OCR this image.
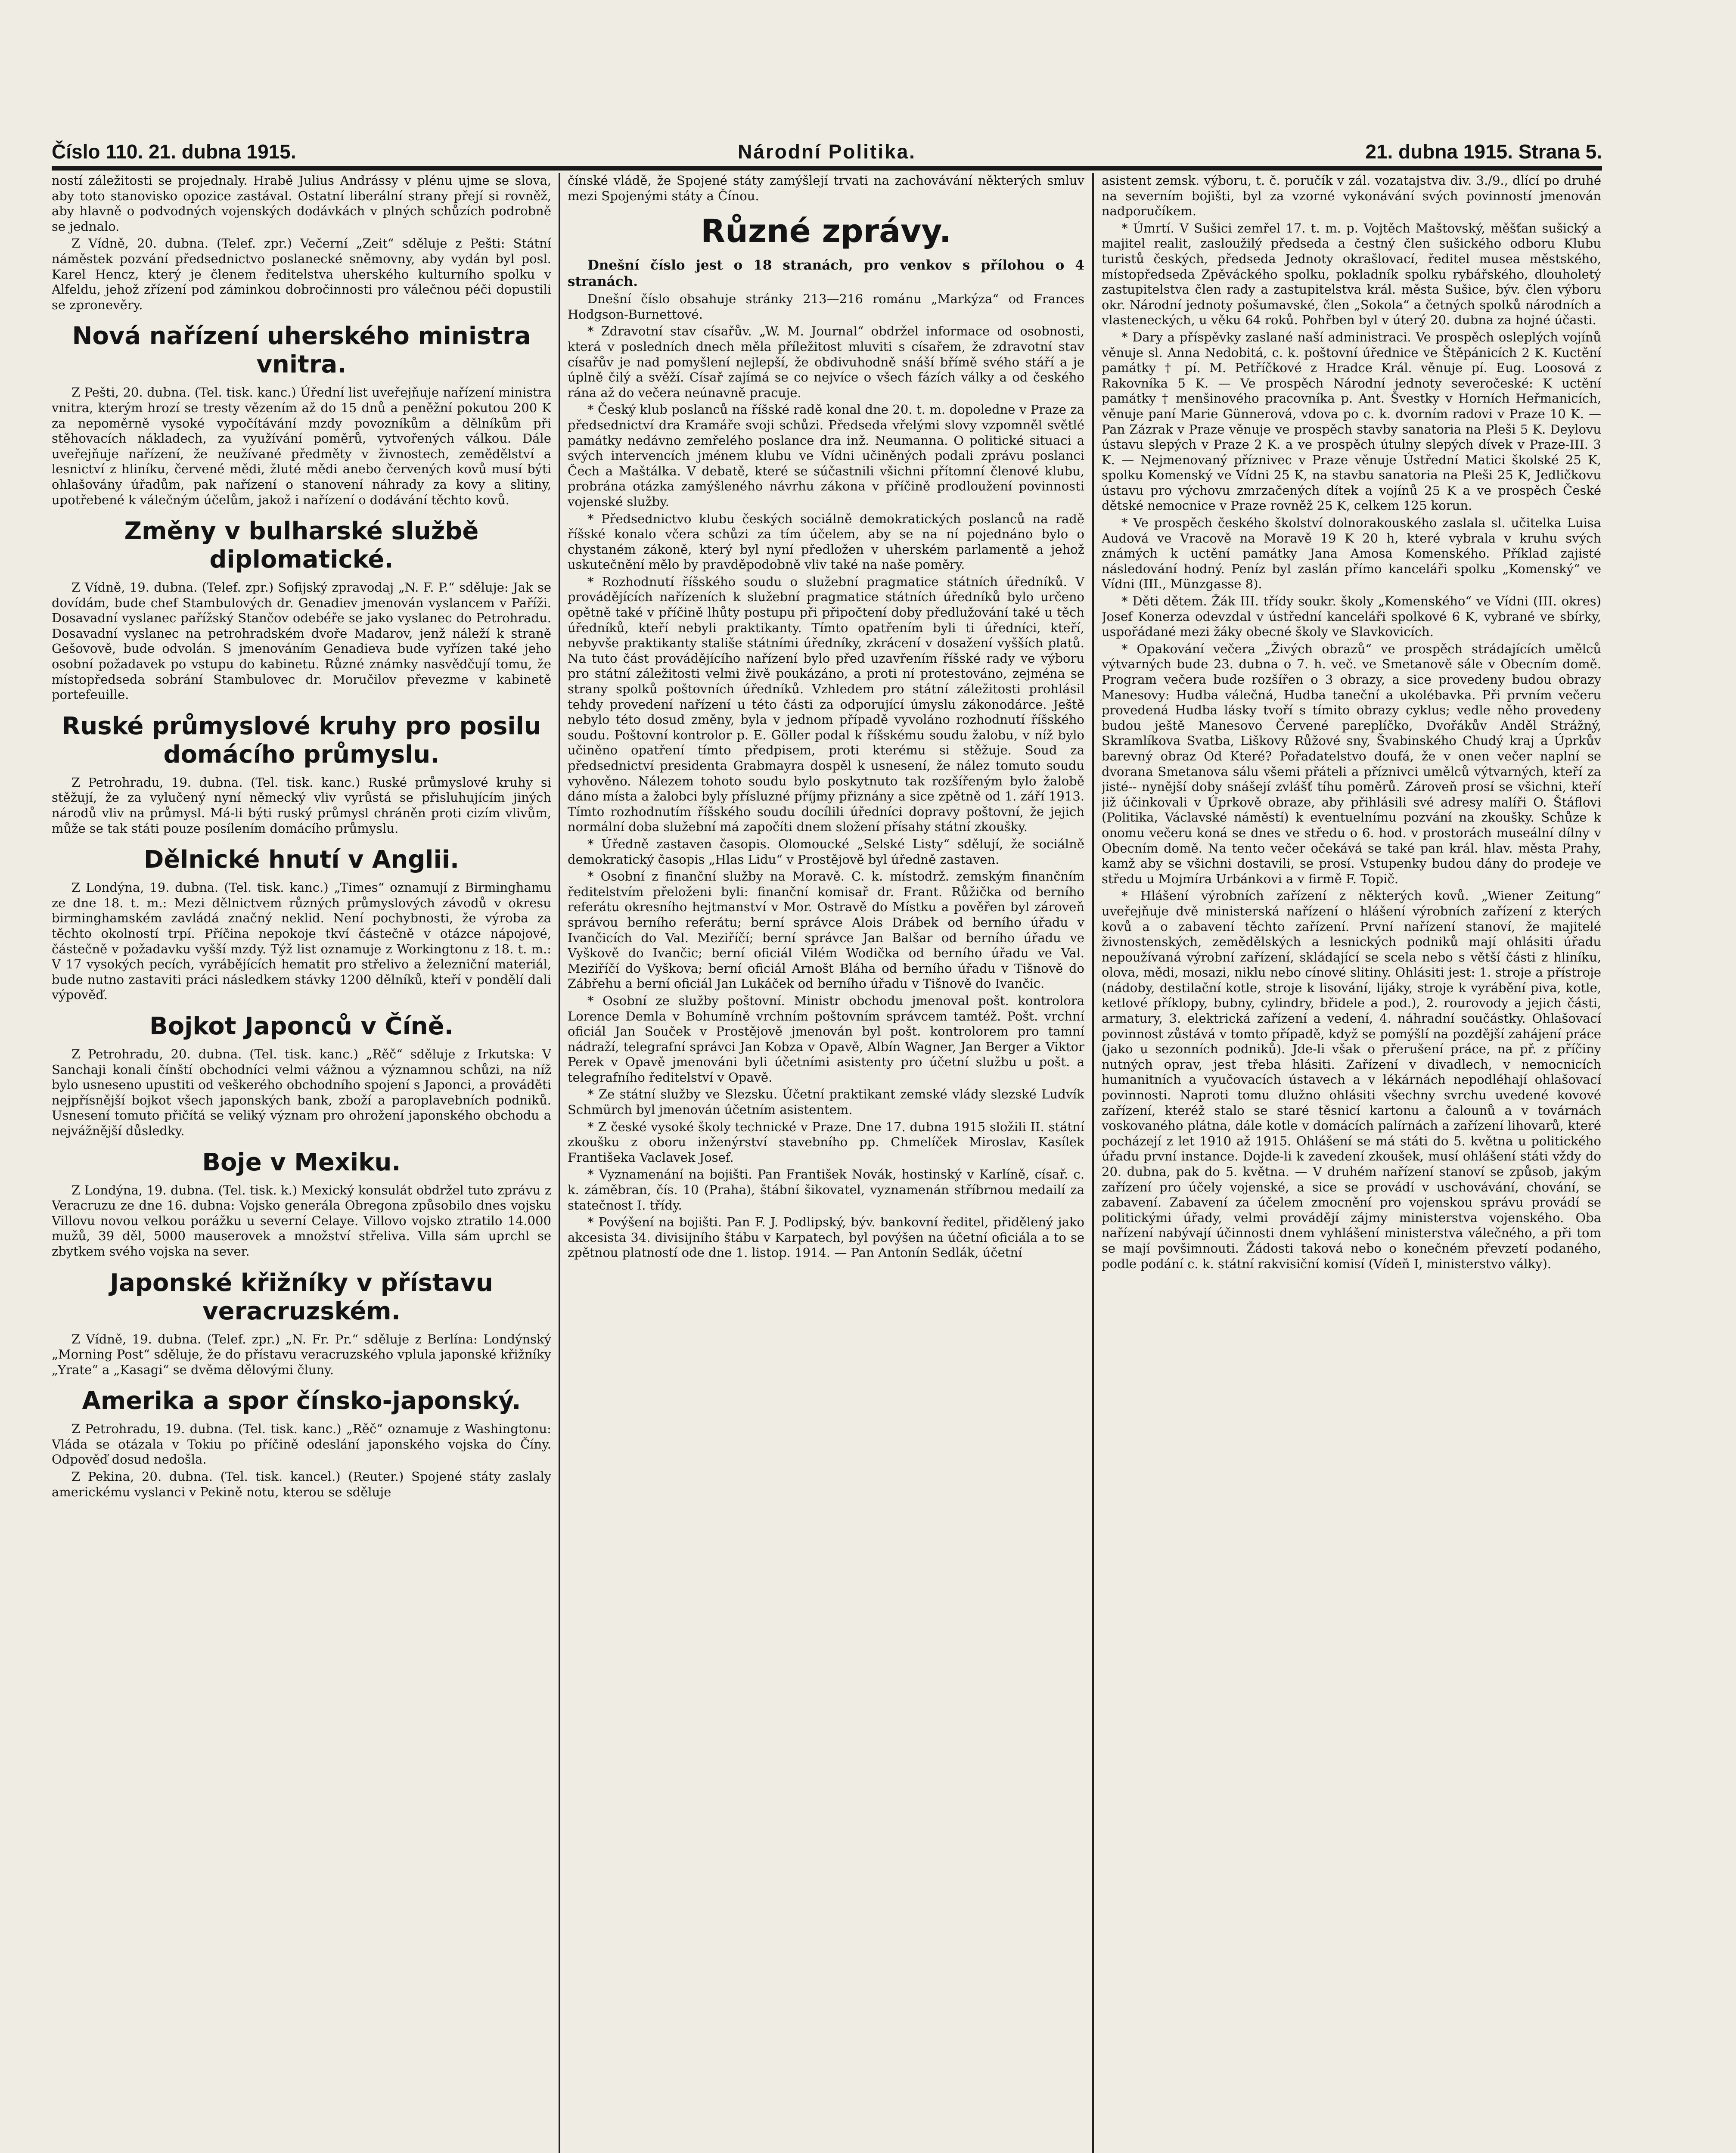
Číslo 110. 21. dubna 1915.	Národní Politika.	21. dubna 1915. Strana 5.

ností záležitosti se projednaly. Hrabě Julius Andrássy v plénu ujme se slova, aby toto stanovisko opozice zastával. Ostatní liberální strany přejí si rovněž, aby hlavně o podvodných vojenských dodávkách v plných schůzích podrobně se jednalo.

Z Vídně, 20. dubna. (Telef. zpr.) Večerní „Zeit“ sděluje z Pešti: Státní náměstek pozvání předsednictvo poslanecké sněmovny, aby vydán byl posl. Karel Hencz, který je členem ředitelstva uherského kulturního spolku v Alfeldu, jehož zřízení pod záminkou dobročinnosti pro válečnou péči dopustili se zpronevěry.

Nová nařízení uherského ministra vnitra.

Z Pešti, 20. dubna. (Tel. tisk. kanc.) Úřední list uveřejňuje nařízení ministra vnitra, kterým hrozí se tresty vězením až do 15 dnů a peněžní pokutou 200 K za nepoměrně vysoké vypočítávání mzdy povozníkům a dělníkům při stěhovacích nákladech, za využívání poměrů, vytvořených válkou. Dále uveřejňuje nařízení, že neužívané předměty v živnostech, zemědělství a lesnictví z hliníku, červené mědi, žluté mědi anebo červených kovů musí býti ohlašovány úřadům, pak nařízení o stanovení náhrady za kovy a slitiny, upotřebené k válečným účelům, jakož i nařízení o dodávání těchto kovů.

Změny v bulharské službě diplomatické.

Z Vídně, 19. dubna. (Telef. zpr.) Sofijský zpravodaj „N. F. P.“ sděluje: Jak se dovídám, bude chef Stambulových dr. Genadiev jmenován vyslancem v Paříži. Dosavadní vyslanec pařížský Stančov odebéře se jako vyslanec do Petrohradu. Dosavadní vyslanec na petrohradském dvoře Madarov, jenž náleží k straně Gešovově, bude odvolán. S jmenováním Genadieva bude vyřízen také jeho osobní požadavek po vstupu do kabinetu. Různé známky nasvědčují tomu, že místopředseda sobrání Stambulovec dr. Moručilov převezme v kabinetě portefeuille.

Ruské průmyslové kruhy pro posilu domácího průmyslu.

Z Petrohradu, 19. dubna. (Tel. tisk. kanc.) Ruské průmyslové kruhy si stěžují, že za vylučený nyní německý vliv vyrůstá se přisluhujícím jiných národů vliv na průmysl. Má-li býti ruský průmysl chráněn proti cizím vlivům, může se tak státi pouze posílením domácího průmyslu.

Dělnické hnutí v Anglii.

Z Londýna, 19. dubna. (Tel. tisk. kanc.) „Times“ oznamují z Birminghamu ze dne 18. t. m.: Mezi dělnictvem různých průmyslových závodů v okresu birminghamském zavládá značný neklid. Není pochybnosti, že výroba za těchto okolností trpí. Příčina nepokoje tkví částečně v otázce nápojové, částečně v požadavku vyšší mzdy. Týž list oznamuje z Workingtonu z 18. t. m.: V 17 vysokých pecích, vyrábějících hematit pro střelivo a železniční materiál, bude nutno zastaviti práci následkem stávky 1200 dělníků, kteří v pondělí dali výpověď.

Bojkot Japonců v Číně.

Z Petrohradu, 20. dubna. (Tel. tisk. kanc.) „Rěč“ sděluje z Irkutska: V Sanchaji konali čínští obchodníci velmi vážnou a významnou schůzi, na níž bylo usneseno upustiti od veškerého obchodního spojení s Japonci, a prováděti nejpřísnější bojkot všech japonských bank, zboží a paroplavebních podniků. Usnesení tomuto přičítá se veliký význam pro ohrožení japonského obchodu a nejvážnější důsledky.

Boje v Mexiku.

Z Londýna, 19. dubna. (Tel. tisk. k.) Mexický konsulát obdržel tuto zprávu z Veracruzu ze dne 16. dubna: Vojsko generála Obregona způsobilo dnes vojsku Villovu novou velkou porážku u severní Celaye. Villovo vojsko ztratilo 14.000 mužů, 39 děl, 5000 mauserovek a množství střeliva. Villa sám uprchl se zbytkem svého vojska na sever.

Japonské křižníky v přístavu veracruzském.

Z Vídně, 19. dubna. (Telef. zpr.) „N. Fr. Pr.“ sděluje z Berlína: Londýnský „Morning Post“ sděluje, že do přístavu veracruzského vplula japonské křižníky „Yrate“ a „Kasagi“ se dvěma dělovými čluny.

Amerika a spor čínsko-japonský.

Z Petrohradu, 19. dubna. (Tel. tisk. kanc.) „Rěč“ oznamuje z Washingtonu: Vláda se otázala v Tokiu po příčině odeslání japonského vojska do Číny. Odpověď dosud nedošla.

Z Pekina, 20. dubna. (Tel. tisk. kancel.) (Reuter.) Spojené státy zaslaly americkému vyslanci v Pekině notu, kterou se sděluje

čínské vládě, že Spojené státy zamýšlejí trvati na zachovávání některých smluv mezi Spojenými státy a Čínou.

Různé zprávy.

Dnešní číslo jest o 18 stranách, pro venkov s přílohou o 4 stranách.

Dnešní číslo obsahuje stránky 213—216 románu „Markýza“ od Frances Hodgson-Burnettové.

* Zdravotní stav císařův. „W. M. Journal“ obdržel informace od osobnosti, která v posledních dnech měla příležitost mluviti s císařem, že zdravotní stav císařův je nad pomyšlení nejlepší, že obdivuhodně snáší břímě svého stáří a je úplně čilý a svěží. Císař zajímá se co nejvíce o všech fázích války a od českého rána až do večera neúnavně pracuje.

* Český klub poslanců na říšské radě konal dne 20. t. m. dopoledne v Praze za předsednictví dra Kramáře svoji schůzi. Předseda vřelými slovy vzpomněl světlé památky nedávno zemřelého poslance dra inž. Neumanna. O politické situaci a svých intervencích jménem klubu ve Vídni učiněných podali zprávu poslanci Čech a Maštálka. V debatě, které se súčastnili všichni přítomní členové klubu, probrána otázka zamýšleného návrhu zákona v příčině prodloužení povinnosti vojenské služby.

* Předsednictvo klubu českých sociálně demokratických poslanců na radě říšské konalo včera schůzi za tím účelem, aby se na ní pojednáno bylo o chystaném zákoně, který byl nyní předložen v uherském parlamentě a jehož uskutečnění mělo by pravděpodobně vliv také na naše poměry.

* Rozhodnutí říšského soudu o služební pragmatice státních úředníků. V provádějících nařízeních k služební pragmatice státních úředníků bylo určeno opětně také v příčině lhůty postupu při připočtení doby předlužování také u těch úředníků, kteří nebyli praktikanty. Tímto opatřením byli ti úředníci, kteří, nebyvše praktikanty stališe státními úředníky, zkrácení v dosažení vyšších platů. Na tuto část provádějícího nařízení bylo před uzavřením říšské rady ve výboru pro státní záležitosti velmi živě poukázáno, a proti ní protestováno, zejména se strany spolků poštovních úředníků. Vzhledem pro státní záležitosti prohlásil tehdy provedení nařízení u této části za odporující úmyslu zákonodárce. Ještě nebylo této dosud změny, byla v jednom případě vyvoláno rozhodnutí říšského soudu. Poštovní kontrolor p. E. Göller podal k říšskému soudu žalobu, v níž bylo učiněno opatření tímto předpisem, proti kterému si stěžuje. Soud za předsednictví presidenta Grabmayra dospěl k usnesení, že nález tomuto soudu vyhověno. Nálezem tohoto soudu bylo poskytnuto tak rozšířeným bylo žalobě dáno místa a žalobci byly přísluzné příjmy přiznány a sice zpětně od 1. září 1913. Tímto rozhodnutím říšského soudu docílili úředníci dopravy poštovní, že jejich normální doba služební má započíti dnem složení přísahy státní zkoušky.

* Úředně zastaven časopis. Olomoucké „Selské Listy“ sdělují, že sociálně demokratický časopis „Hlas Lidu“ v Prostějově byl úředně zastaven.

* Osobní z finanční služby na Moravě. C. k. místodrž. zemským finančním ředitelstvím přeloženi byli: finanční komisař dr. Frant. Růžička od berního referátu okresního hejtmanství v Mor. Ostravě do Místku a pověřen byl zároveň správou berního referátu; berní správce Alois Drábek od berního úřadu v Ivančicích do Val. Meziříčí; berní správce Jan Balšar od berního úřadu ve Vyškově do Ivančic; berní oficiál Vilém Wodička od berního úřadu ve Val. Meziříčí do Vyškova; berní oficiál Arnošt Bláha od berního úřadu v Tišnově do Zábřehu a berní oficiál Jan Lukáček od berního úřadu v Tišnově do Ivančic.

* Osobní ze služby poštovní. Ministr obchodu jmenoval pošt. kontrolora Lorence Demla v Bohumíně vrchním poštovním správcem tamtéž. Pošt. vrchní oficiál Jan Souček v Prostějově jmenován byl pošt. kontrolorem pro tamní nádraží, telegrafní správci Jan Kobza v Opavě, Albín Wagner, Jan Berger a Viktor Perek v Opavě jmenováni byli účetními asistenty pro účetní službu u pošt. a telegrafního ředitelství v Opavě.

* Ze státní služby ve Slezsku. Účetní praktikant zemské vlády slezské Ludvík Schmürch byl jmenován účetním asistentem.

* Z české vysoké školy technické v Praze. Dne 17. dubna 1915 složili II. státní zkoušku z oboru inženýrství stavebního pp. Chmelíček Miroslav, Kasílek Františeka Vaclavek Josef.

* Vyznamenání na bojišti. Pan František Novák, hostinský v Karlíně, císař. c. k. záměbran, čís. 10 (Praha), štábní šikovatel, vyznamenán stříbrnou medailí za statečnost I. třídy.

* Povýšení na bojišti. Pan F. J. Podlipský, býv. bankovní ředitel, přidělený jako akcesista 34. divisijního štábu v Karpatech, byl povýšen na účetní oficiála a to se zpětnou platností ode dne 1. listop. 1914. — Pan Antonín Sedlák, účetní

asistent zemsk. výboru, t. č. poručík v zál. vozatajstva div. 3./9., dlící po druhé na severním bojišti, byl za vzorné vykonávání svých povinností jmenován nadporučíkem.

* Úmrtí. V Sušici zemřel 17. t. m. p. Vojtěch Maštovský, měšťan sušický a majitel realit, zasloužilý předseda a čestný člen sušického odboru Klubu turistů českých, předseda Jednoty okrašlovací, ředitel musea městského, místopředseda Zpěváckého spolku, pokladník spolku rybářského, dlouholetý zastupitelstva člen rady a zastupitelstva král. města Sušice, býv. člen výboru okr. Národní jednoty pošumavské, člen „Sokola“ a četných spolků národních a vlasteneckých, u věku 64 roků. Pohřben byl v úterý 20. dubna za hojné účasti.

* Dary a příspěvky zaslané naší administraci. Ve prospěch osleplých vojínů věnuje sl. Anna Nedobitá, c. k. poštovní úřednice ve Štěpánicích 2 K. Kuctění památky † pí. M. Petříčkové z Hradce Král. věnuje pí. Eug. Loosová z Rakovníka 5 K. — Ve prospěch Národní jednoty severočeské: K uctění památky † menšinového pracovníka p. Ant. Švestky v Horních Heřmanicích, věnuje paní Marie Günnerová, vdova po c. k. dvorním radovi v Praze 10 K. — Pan Zázrak v Praze věnuje ve prospěch stavby sanatoria na Pleši 5 K. Deylovu ústavu slepých v Praze 2 K. a ve prospěch útulny slepých dívek v Praze-III. 3 K. — Nejmenovaný příznivec v Praze věnuje Ústřední Matici školské 25 K, spolku Komenský ve Vídni 25 K, na stavbu sanatoria na Pleši 25 K, Jedličkovu ústavu pro výchovu zmrzačených dítek a vojínů 25 K a ve prospěch České dětské nemocnice v Praze rovněž 25 K, celkem 125 korun.

* Ve prospěch českého školství dolnorakouského zaslala sl. učitelka Luisa Audová ve Vracově na Moravě 19 K 20 h, které vybrala v kruhu svých známých k uctění památky Jana Amosa Komenského. Příklad zajisté následování hodný. Peníz byl zaslán přímo kanceláři spolku „Komenský“ ve Vídni (III., Münzgasse 8).

* Děti dětem. Žák III. třídy soukr. školy „Komenského“ ve Vídni (III. okres) Josef Konerza odevzdal v ústřední kanceláři spolkové 6 K, vybrané ve sbírky, uspořádané mezi žáky obecné školy ve Slavkovicích.

* Opakování večera „Živých obrazů“ ve prospěch strádajících umělců výtvarných bude 23. dubna o 7. h. več. ve Smetanově sále v Obecním domě. Program večera bude rozšířen o 3 obrazy, a sice provedeny budou obrazy Manesovy: Hudba válečná, Hudba taneční a ukolébavka. Při prvním večeru provedená Hudba lásky tvoří s tímito obrazy cyklus; vedle něho provedeny budou ještě Manesovo Červené pareplíčko, Dvořákův Anděl Strážný, Skramlíkova Svatba, Liškovy Růžové sny, Švabinského Chudý kraj a Úprkův barevný obraz Od Které? Pořadatelstvo doufá, že v onen večer naplní se dvorana Smetanova sálu všemi přáteli a příznivci umělců výtvarných, kteří za jisté-- nynější doby snášejí zvlášť tíhu poměrů. Zároveň prosí se všichni, kteří již účinkovali v Úprkově obraze, aby přihlásili své adresy malíři O. Štáflovi (Politika, Václavské náměstí) k eventuelnímu pozvání na zkoušky. Schůze k onomu večeru koná se dnes ve středu o 6. hod. v prostorách museální dílny v Obecním domě. Na tento večer očekává se také pan král. hlav. města Prahy, kamž aby se všichni dostavili, se prosí. Vstupenky budou dány do prodeje ve středu u Mojmíra Urbánkovi a v firmě F. Topič.

* Hlášení výrobních zařízení z některých kovů. „Wiener Zeitung“ uveřejňuje dvě ministerská nařízení o hlášení výrobních zařízení z kterých kovů a o zabavení těchto zařízení. První nařízení stanoví, že majitelé živnostenských, zemědělských a lesnických podniků mají ohlásiti úřadu nepoužívaná výrobní zařízení, skládající se scela nebo s větší části z hliníku, olova, mědi, mosazi, niklu nebo cínové slitiny. Ohlásiti jest: 1. stroje a přístroje (nádoby, destilační kotle, stroje k lisování, lijáky, stroje k vyrábění piva, kotle, ketlové příklopy, bubny, cylindry, břidele a pod.), 2. rourovody a jejich části, armatury, 3. elektrická zařízení a vedení, 4. náhradní součástky. Ohlašovací povinnost zůstává v tomto případě, když se pomýšlí na pozdější zahájení práce (jako u sezonních podniků). Jde-li však o přerušení práce, na př. z příčiny nutných oprav, jest třeba hlásiti. Zařízení v divadlech, v nemocnicích humanitních a vyučovacích ústavech a v lékárnách nepodléhají ohlašovací povinnosti. Naproti tomu dlužno ohlásiti všechny svrchu uvedené kovové zařízení, kteréž stalo se staré těsnicí kartonu a čalounů a v továrnách voskovaného plátna, dále kotle v domácích palírnách a zařízení lihovarů, které pocházejí z let 1910 až 1915. Ohlášení se má státi do 5. května u politického úřadu první instance. Dojde-li k zavedení zkoušek, musí ohlášení státi vždy do 20. dubna, pak do 5. května. — V druhém nařízení stanoví se způsob, jakým zařízení pro účely vojenské, a sice se provádí v uschovávání, chování, se zabavení. Zabavení za účelem zmocnění pro vojenskou správu provádí se politickými úřady, velmi provádějí zájmy ministerstva vojenského. Oba nařízení nabývají účinnosti dnem vyhlášení ministerstva válečného, a při tom se mají povšimnouti. Žádosti taková nebo o konečném převzetí podaného, podle podání c. k. státní rakvisiční komisí (Vídeň I, ministerstvo války).
